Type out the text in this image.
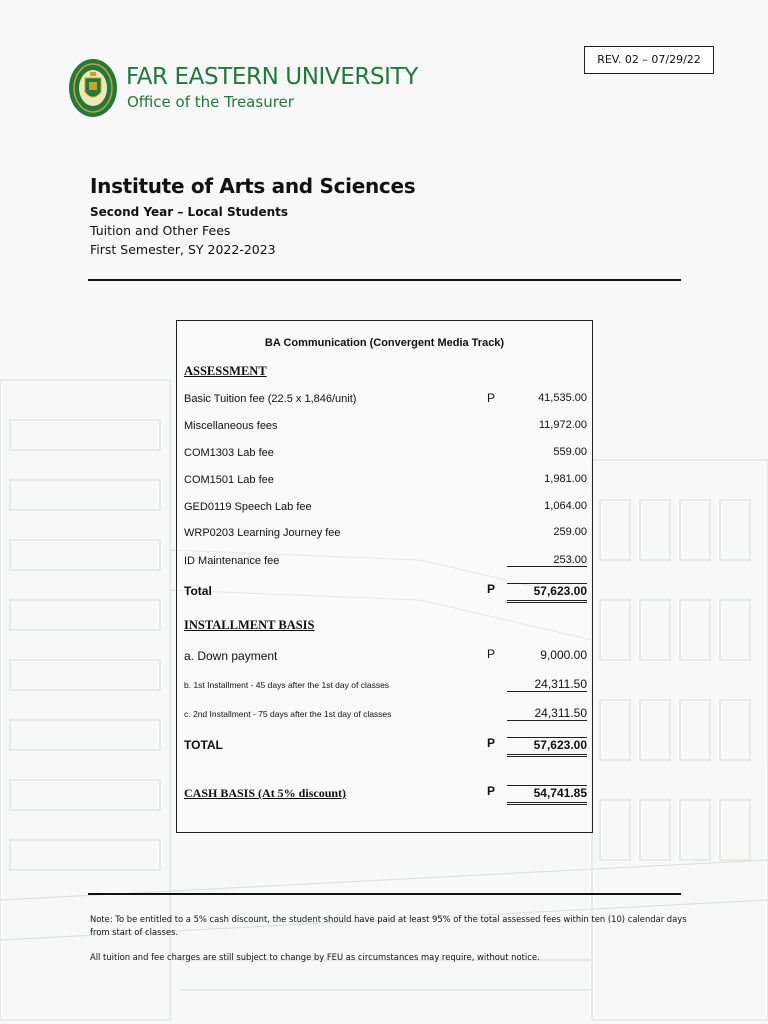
REV. 02 – 07/29/22
FAR EASTERN UNIVERSITY
Office of the Treasurer
Institute of Arts and Sciences
Second Year – Local Students
Tuition and Other Fees
First Semester, SY 2022-2023
BA Communication (Convergent Media Track)
ASSESSMENT
Basic Tuition fee (22.5 x 1,846/unit)	P	41,535.00
Miscellaneous fees	11,972.00
COM1303 Lab fee	559.00
COM1501 Lab fee	1,981.00
GED0119 Speech Lab fee	1,064.00
WRP0203 Learning Journey fee	259.00
ID Maintenance fee	253.00
Total	P	57,623.00
INSTALLMENT BASIS
a. Down payment	P	9,000.00
b. 1st Installment - 45 days after the 1st day of classes	24,311.50
c. 2nd Installment - 75 days after the 1st day of classes	24,311.50
TOTAL	P	57,623.00
CASH BASIS (At 5% discount)	P	54,741.85
Note: To be entitled to a 5% cash discount, the student should have paid at least 95% of the total assessed fees within ten (10) calendar days from start of classes.
All tuition and fee charges are still subject to change by FEU as circumstances may require, without notice.
